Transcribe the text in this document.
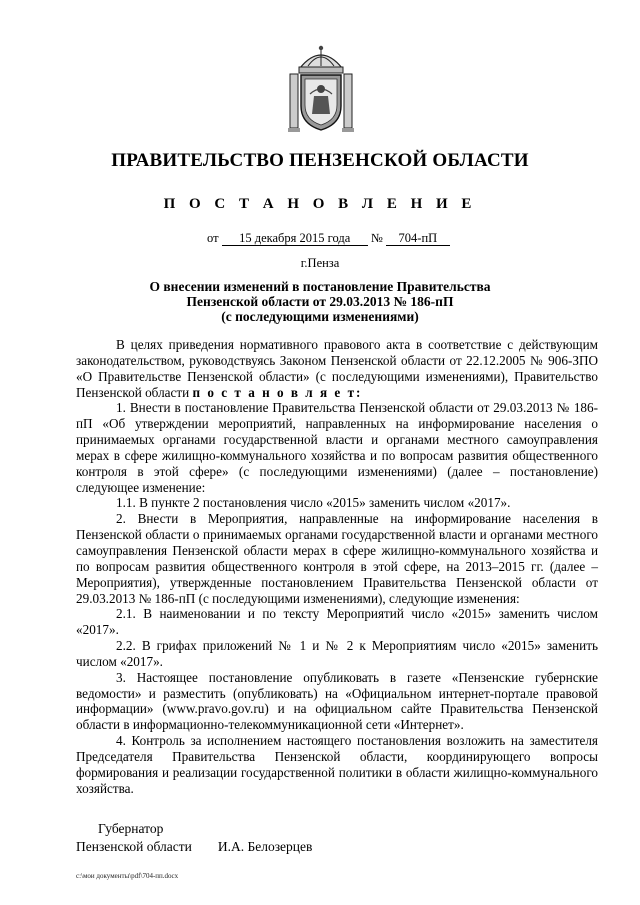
ПРАВИТЕЛЬСТВО ПЕНЗЕНСКОЙ ОБЛАСТИ
П О С Т А Н О В Л Е Н И Е
от 15 декабря 2015 года № 704-пП
г.Пенза
О внесении изменений в постановление Правительства
Пензенской области от 29.03.2013 № 186-пП
(с последующими изменениями)

В целях приведения нормативного правового акта в соответствие с действующим законодательством, руководствуясь Законом Пензенской области от 22.12.2005 № 906-ЗПО «О Правительстве Пензенской области» (с последующими изменениями), Правительство Пензенской области п о с т а н о в л я е т:

1. Внести в постановление Правительства Пензенской области от 29.03.2013 № 186-пП «Об утверждении мероприятий, направленных на информирование населения о принимаемых органами государственной власти и органами местного самоуправления мерах в сфере жилищно-коммунального хозяйства и по вопросам развития общественного контроля в этой сфере» (с последующими изменениями) (далее – постановление) следующее изменение:

1.1. В пункте 2 постановления число «2015» заменить числом «2017».

2. Внести в Мероприятия, направленные на информирование населения в Пензенской области о принимаемых органами государственной власти и органами местного самоуправления Пензенской области мерах в сфере жилищно-коммунального хозяйства и по вопросам развития общественного контроля в этой сфере, на 2013–2015 гг. (далее – Мероприятия), утвержденные постановлением Правительства Пензенской области от 29.03.2013 № 186-пП (с последующими изменениями), следующие изменения:

2.1. В наименовании и по тексту Мероприятий число «2015» заменить числом «2017».

2.2. В грифах приложений № 1 и № 2 к Мероприятиям число «2015» заменить числом «2017».

3. Настоящее постановление опубликовать в газете «Пензенские губернские ведомости» и разместить (опубликовать) на «Официальном интернет-портале правовой информации» (www.pravo.gov.ru) и на официальном сайте Правительства Пензенской области в информационно-телекоммуникационной сети «Интернет».

4. Контроль за исполнением настоящего постановления возложить на заместителя Председателя Правительства Пензенской области, координирующего вопросы формирования и реализации государственной политики в области жилищно-коммунального хозяйства.

Губернатор
Пензенской области И.А. Белозерцев
c:\мои документы\pdf\704-пп.docx
